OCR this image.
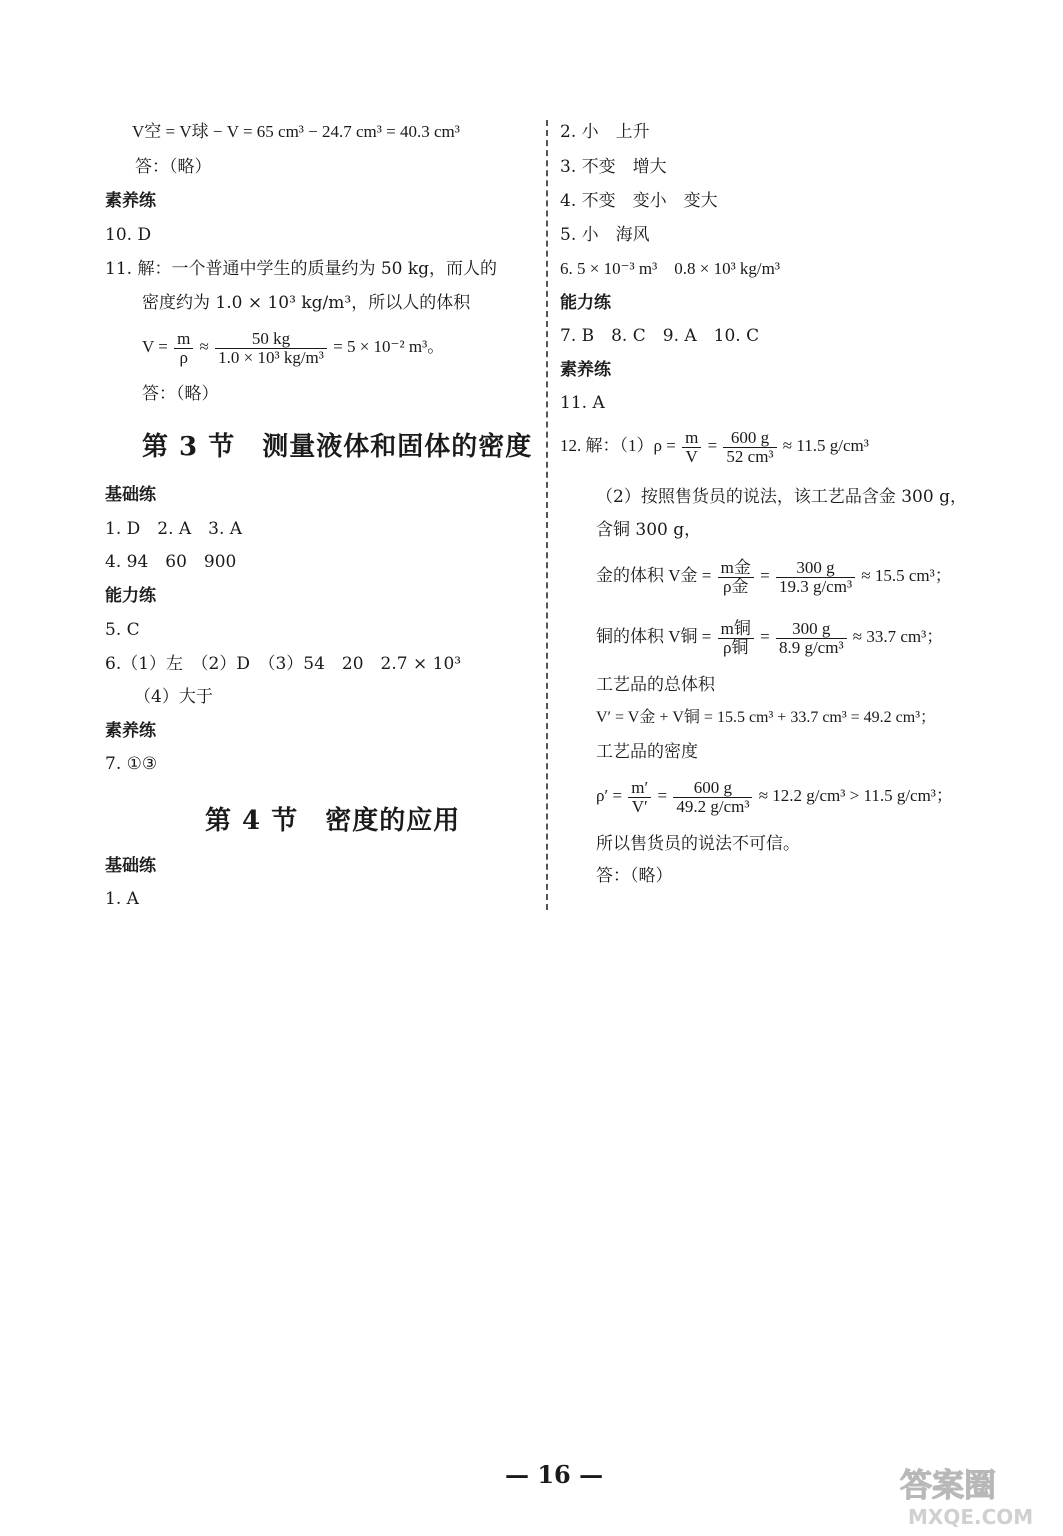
V空 = V球 − V = 65 cm³ − 24.7 cm³ = 40.3 cm³
答：（略）
素养练
10. D
11. 解：一个普通中学生的质量约为 50 kg，而人的
密度约为 1.0 × 10³ kg/m³，所以人的体积
$V = \frac{m}{\rho} \approx \frac{50 kg}{\text{1.0 × 10³ kg/m³}} = 5 \times 10^{-2}$ m³。
答：（略）
第 3 节　测量液体和固体的密度
基础练
1. D　2. A　3. A
4. 94　60　900
能力练
5. C
6.（1）左　（2）D　（3）54　20　2.7 × 10³
（4）大于
素养练
7. ①③
第 4 节　密度的应用
基础练
1. A
2. 小　上升
3. 不变　增大
4. 不变　变小　变大
5. 小　海风
6. 5 × 10⁻³ m³　0.8 × 10³ kg/m³
能力练
7. B　8. C　9. A　10. C
素养练
11. A
12. 解：$(1)\rho = \frac{m}{V} = \frac{600 g}{\text{52 cm³}} \approx 11.5$ g/cm³
（2）按照售货员的说法，该工艺品含金 300 g，
含铜 300 g，
金的体积 V金 = $\frac{\text{m金}}{\text{ρ金}} = \frac{300 g}{\text{19.3 g/cm³}} \approx 15.5$ cm³；
铜的体积 V铜 = $\frac{\text{m铜}}{\text{ρ铜}} = \frac{300 g}{\text{8.9 g/cm³}} \approx 33.7$ cm³；
工艺品的总体积
V′ = V金 + V铜 = 15.5 cm³ + 33.7 cm³ = 49.2 cm³；
工艺品的密度
$\rho' = \frac{m'}{V'} = \frac{600 g}{\text{49.2 g/cm³}} \approx 12.2$ g/cm³ > 11.5 g/cm³；
所以售货员的说法不可信。
答：（略）
— 16 —	答案圈
MXQE.COM
